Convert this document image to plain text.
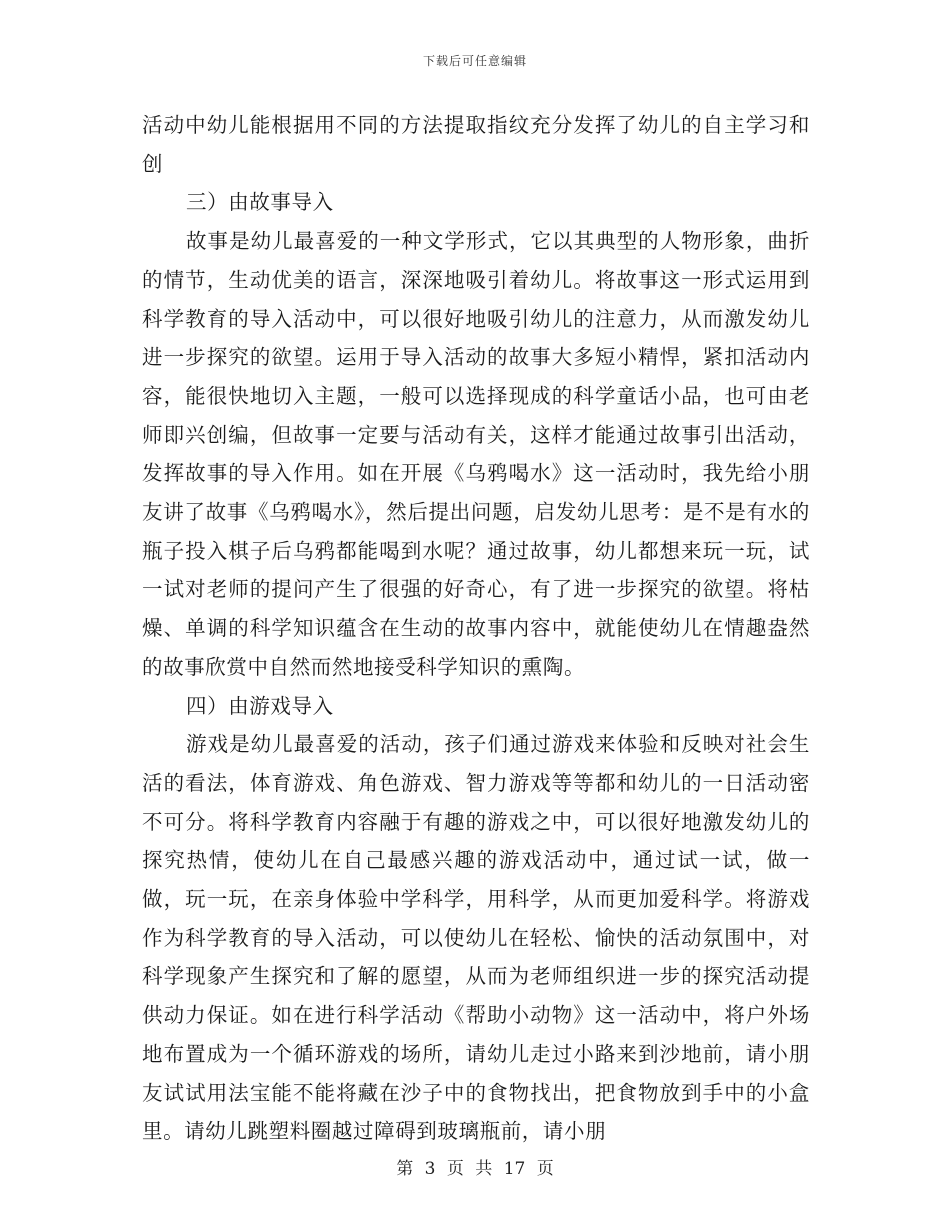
下载后可任意编辑

活动中幼儿能根据用不同的方法提取指纹充分发挥了幼儿的自主学习和创

三）由故事导入

故事是幼儿最喜爱的一种文学形式，它以其典型的人物形象，曲折的情节，生动优美的语言，深深地吸引着幼儿。将故事这一形式运用到科学教育的导入活动中，可以很好地吸引幼儿的注意力，从而激发幼儿进一步探究的欲望。运用于导入活动的故事大多短小精悍，紧扣活动内容，能很快地切入主题，一般可以选择现成的科学童话小品，也可由老师即兴创编，但故事一定要与活动有关，这样才能通过故事引出活动，发挥故事的导入作用。如在开展《乌鸦喝水》这一活动时，我先给小朋友讲了故事《乌鸦喝水》，然后提出问题，启发幼儿思考：是不是有水的瓶子投入棋子后乌鸦都能喝到水呢？通过故事，幼儿都想来玩一玩，试一试对老师的提问产生了很强的好奇心，有了进一步探究的欲望。将枯燥、单调的科学知识蕴含在生动的故事内容中，就能使幼儿在情趣盎然的故事欣赏中自然而然地接受科学知识的熏陶。

四）由游戏导入

游戏是幼儿最喜爱的活动，孩子们通过游戏来体验和反映对社会生活的看法，体育游戏、角色游戏、智力游戏等等都和幼儿的一日活动密不可分。将科学教育内容融于有趣的游戏之中，可以很好地激发幼儿的探究热情，使幼儿在自己最感兴趣的游戏活动中，通过试一试，做一做，玩一玩，在亲身体验中学科学，用科学，从而更加爱科学。将游戏作为科学教育的导入活动，可以使幼儿在轻松、愉快的活动氛围中，对科学现象产生探究和了解的愿望，从而为老师组织进一步的探究活动提供动力保证。如在进行科学活动《帮助小动物》这一活动中，将户外场地布置成为一个循环游戏的场所，请幼儿走过小路来到沙地前，请小朋友试试用法宝能不能将藏在沙子中的食物找出，把食物放到手中的小盒里。请幼儿跳塑料圈越过障碍到玻璃瓶前，请小朋

第 3 页 共 17 页
